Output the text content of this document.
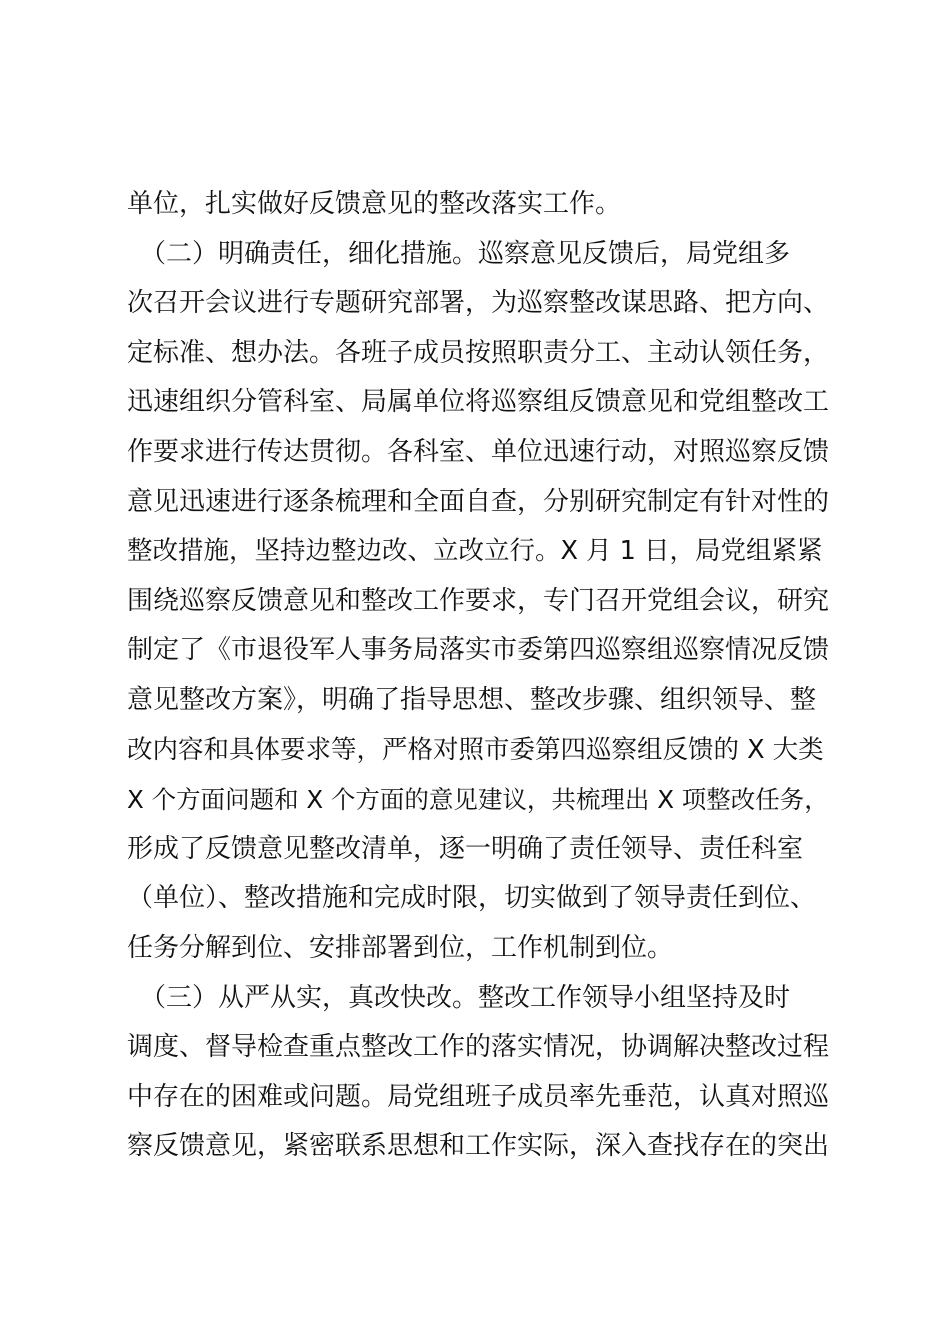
单位，扎实做好反馈意见的整改落实工作。
　（二）明确责任，细化措施。巡察意见反馈后，局党组多
次召开会议进行专题研究部署，为巡察整改谋思路、把方向、
定标准、想办法。各班子成员按照职责分工、主动认领任务，
迅速组织分管科室、局属单位将巡察组反馈意见和党组整改工
作要求进行传达贯彻。各科室、单位迅速行动，对照巡察反馈
意见迅速进行逐条梳理和全面自查，分别研究制定有针对性的
整改措施，坚持边整边改、立改立行。X 月 1 日，局党组紧紧
围绕巡察反馈意见和整改工作要求，专门召开党组会议，研究
制定了《市退役军人事务局落实市委第四巡察组巡察情况反馈
意见整改方案》，明确了指导思想、整改步骤、组织领导、整
改内容和具体要求等，严格对照市委第四巡察组反馈的 X 大类
X 个方面问题和 X 个方面的意见建议，共梳理出 X 项整改任务，
形成了反馈意见整改清单，逐一明确了责任领导、责任科室
（单位）、整改措施和完成时限，切实做到了领导责任到位、
任务分解到位、安排部署到位，工作机制到位。
　（三）从严从实，真改快改。整改工作领导小组坚持及时
调度、督导检查重点整改工作的落实情况，协调解决整改过程
中存在的困难或问题。局党组班子成员率先垂范，认真对照巡
察反馈意见，紧密联系思想和工作实际，深入查找存在的突出
